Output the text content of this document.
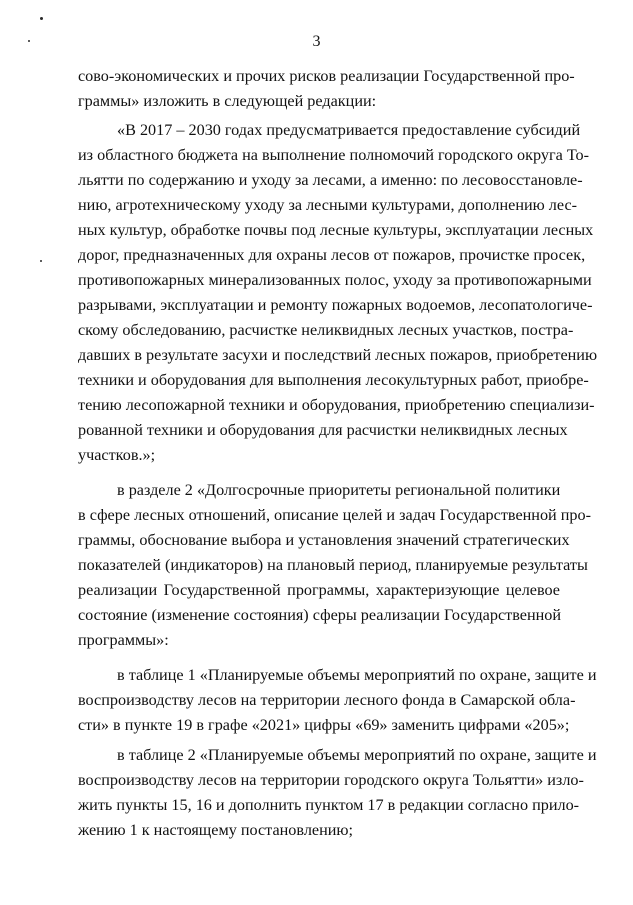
3
сово-экономических и прочих рисков реализации Государственной про-
граммы» изложить в следующей редакции:
«В 2017 – 2030 годах предусматривается предоставление субсидий
из областного бюджета на выполнение полномочий городского округа То-
льятти по содержанию и уходу за лесами, а именно: по лесовосстановле-
нию, агротехническому уходу за лесными культурами, дополнению лес-
ных культур, обработке почвы под лесные культуры, эксплуатации лесных
дорог, предназначенных для охраны лесов от пожаров, прочистке просек,
противопожарных минерализованных полос, уходу за противопожарными
разрывами, эксплуатации и ремонту пожарных водоемов, лесопатологиче-
скому обследованию, расчистке неликвидных лесных участков, постра-
давших в результате засухи и последствий лесных пожаров, приобретению
техники и оборудования для выполнения лесокультурных работ, приобре-
тению лесопожарной техники и оборудования, приобретению специализи-
рованной техники и оборудования для расчистки неликвидных лесных
участков.»;
в разделе 2 «Долгосрочные приоритеты региональной политики
в сфере лесных отношений, описание целей и задач Государственной про-
граммы, обоснование выбора и установления значений стратегических
показателей (индикаторов) на плановый период, планируемые результаты
реализации Государственной программы, характеризующие целевое
состояние (изменение состояния) сферы реализации Государственной
программы»:
в таблице 1 «Планируемые объемы мероприятий по охране, защите и
воспроизводству лесов на территории лесного фонда в Самарской обла-
сти» в пункте 19 в графе «2021» цифры «69» заменить цифрами «205»;
в таблице 2 «Планируемые объемы мероприятий по охране, защите и
воспроизводству лесов на территории городского округа Тольятти» изло-
жить пункты 15, 16 и дополнить пунктом 17 в редакции согласно прило-
жению 1 к настоящему постановлению;
